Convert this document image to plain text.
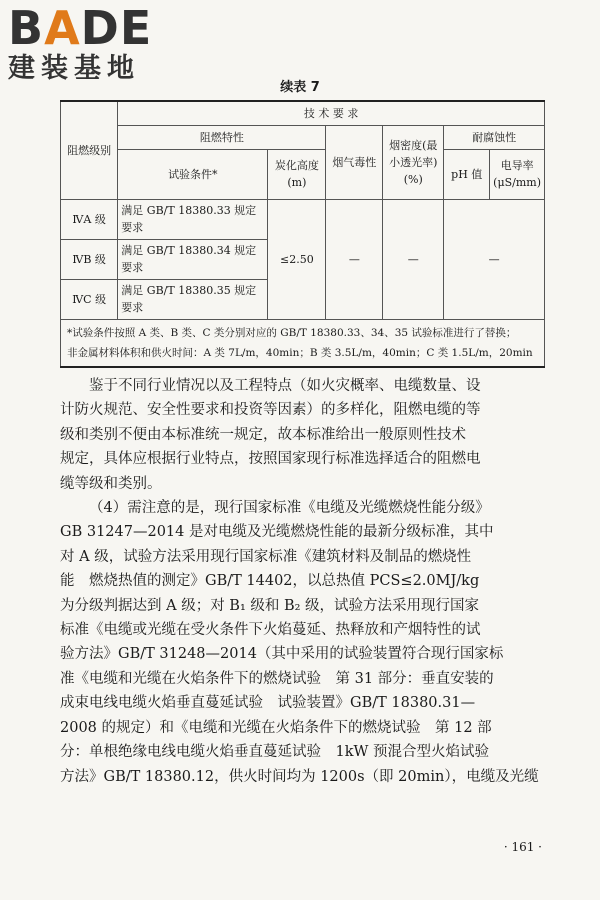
BADE
建装基地
续表 7
阻燃级别	技 术 要 求					
	阻燃特性		烟气毒性	烟密度(最小透光率)(%)	耐腐蚀性	
	试验条件*	炭化高度(m)			pH 值	电导率(μS/mm)
ⅣA 级	满足 GB/T 18380.33 规定要求	≤2.50	—	—	—	
ⅣB 级	满足 GB/T 18380.34 规定要求					
ⅣC 级	满足 GB/T 18380.35 规定要求					

*试验条件按照 A 类、B 类、C 类分别对应的 GB/T 18380.33、34、35 试验标准进行了替换；
非金属材料体积和供火时间：A 类 7L/m，40min；B 类 3.5L/m，40min；C 类 1.5L/m，20min						

鉴于不同行业情况以及工程特点（如火灾概率、电缆数量、设
计防火规范、安全性要求和投资等因素）的多样化，阻燃电缆的等
级和类别不便由本标准统一规定，故本标准给出一般原则性技术
规定，具体应根据行业特点，按照国家现行标准选择适合的阻燃电
缆等级和类别。

（4）需注意的是，现行国家标准《电缆及光缆燃烧性能分级》
GB 31247—2014 是对电缆及光缆燃烧性能的最新分级标准，其中
对 A 级，试验方法采用现行国家标准《建筑材料及制品的燃烧性
能　燃烧热值的测定》GB/T 14402，以总热值 PCS≤2.0MJ/kg
为分级判据达到 A 级；对 B₁ 级和 B₂ 级，试验方法采用现行国家
标准《电缆或光缆在受火条件下火焰蔓延、热释放和产烟特性的试
验方法》GB/T 31248—2014（其中采用的试验装置符合现行国家标
准《电缆和光缆在火焰条件下的燃烧试验　第 31 部分：垂直安装的
成束电线电缆火焰垂直蔓延试验　试验装置》GB/T 18380.31—
2008 的规定）和《电缆和光缆在火焰条件下的燃烧试验　第 12 部
分：单根绝缘电线电缆火焰垂直蔓延试验　1kW 预混合型火焰试验
方法》GB/T 18380.12，供火时间均为 1200s（即 20min），电缆及光缆

· 161 ·
